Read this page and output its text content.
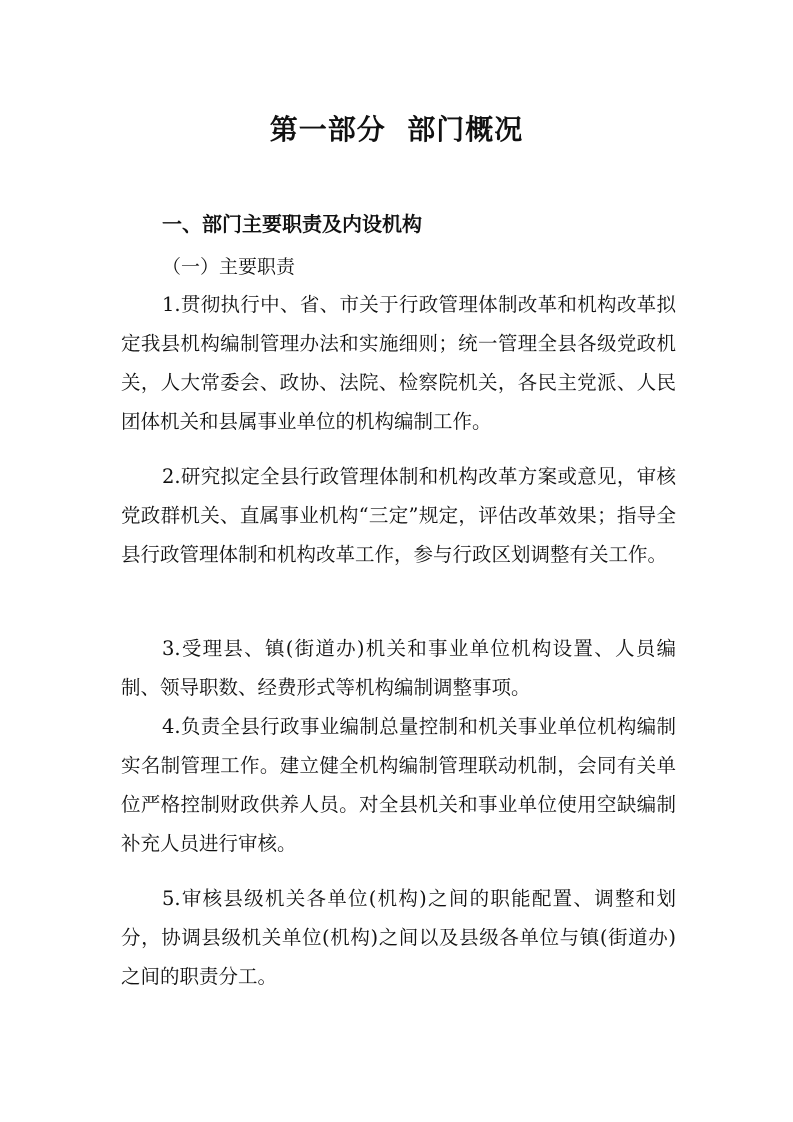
第一部分  部门概况
一、部门主要职责及内设机构
（一）主要职责

1.贯彻执行中、省、市关于行政管理体制改革和机构改革拟定我县机构编制管理办法和实施细则；统一管理全县各级党政机关，人大常委会、政协、法院、检察院机关，各民主党派、人民团体机关和县属事业单位的机构编制工作。

2.研究拟定全县行政管理体制和机构改革方案或意见，审核党政群机关、直属事业机构“三定”规定，评估改革效果；指导全县行政管理体制和机构改革工作，参与行政区划调整有关工作。

3.受理县、镇(街道办)机关和事业单位机构设置、人员编制、领导职数、经费形式等机构编制调整事项。

4.负责全县行政事业编制总量控制和机关事业单位机构编制实名制管理工作。建立健全机构编制管理联动机制，会同有关单位严格控制财政供养人员。对全县机关和事业单位使用空缺编制补充人员进行审核。

5.审核县级机关各单位(机构)之间的职能配置、调整和划分，协调县级机关单位(机构)之间以及县级各单位与镇(街道办)之间的职责分工。
